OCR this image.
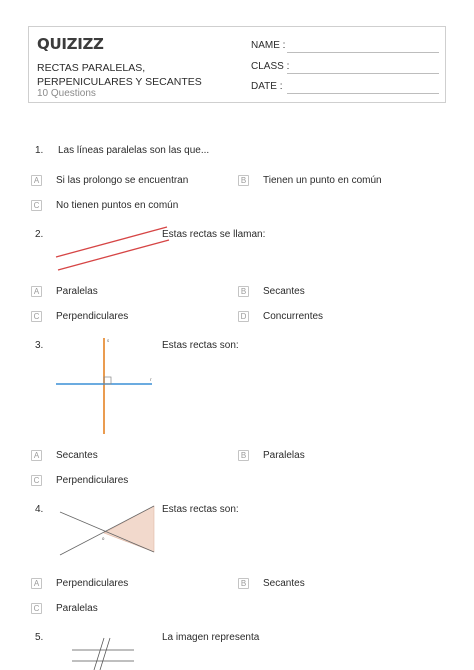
QUIZIZZ
RECTAS PARALELAS, PERPENICULARES Y SECANTES
10 Questions
NAME :
CLASS :
DATE :
1. Las líneas paralelas son las que...
A Si las prolongo se encuentran	B Tienen un punto en común
C No tienen puntos en común
2.	Estas rectas se llaman:
A Paralelas	B Secantes
C Perpendiculares	D Concurrentes
3.	s
r
Estas rectas son:
A Secantes	B Paralelas
C Perpendiculares
4.
o
Estas rectas son:
A Perpendiculares	B Secantes
C Paralelas
5.	La imagen representa
